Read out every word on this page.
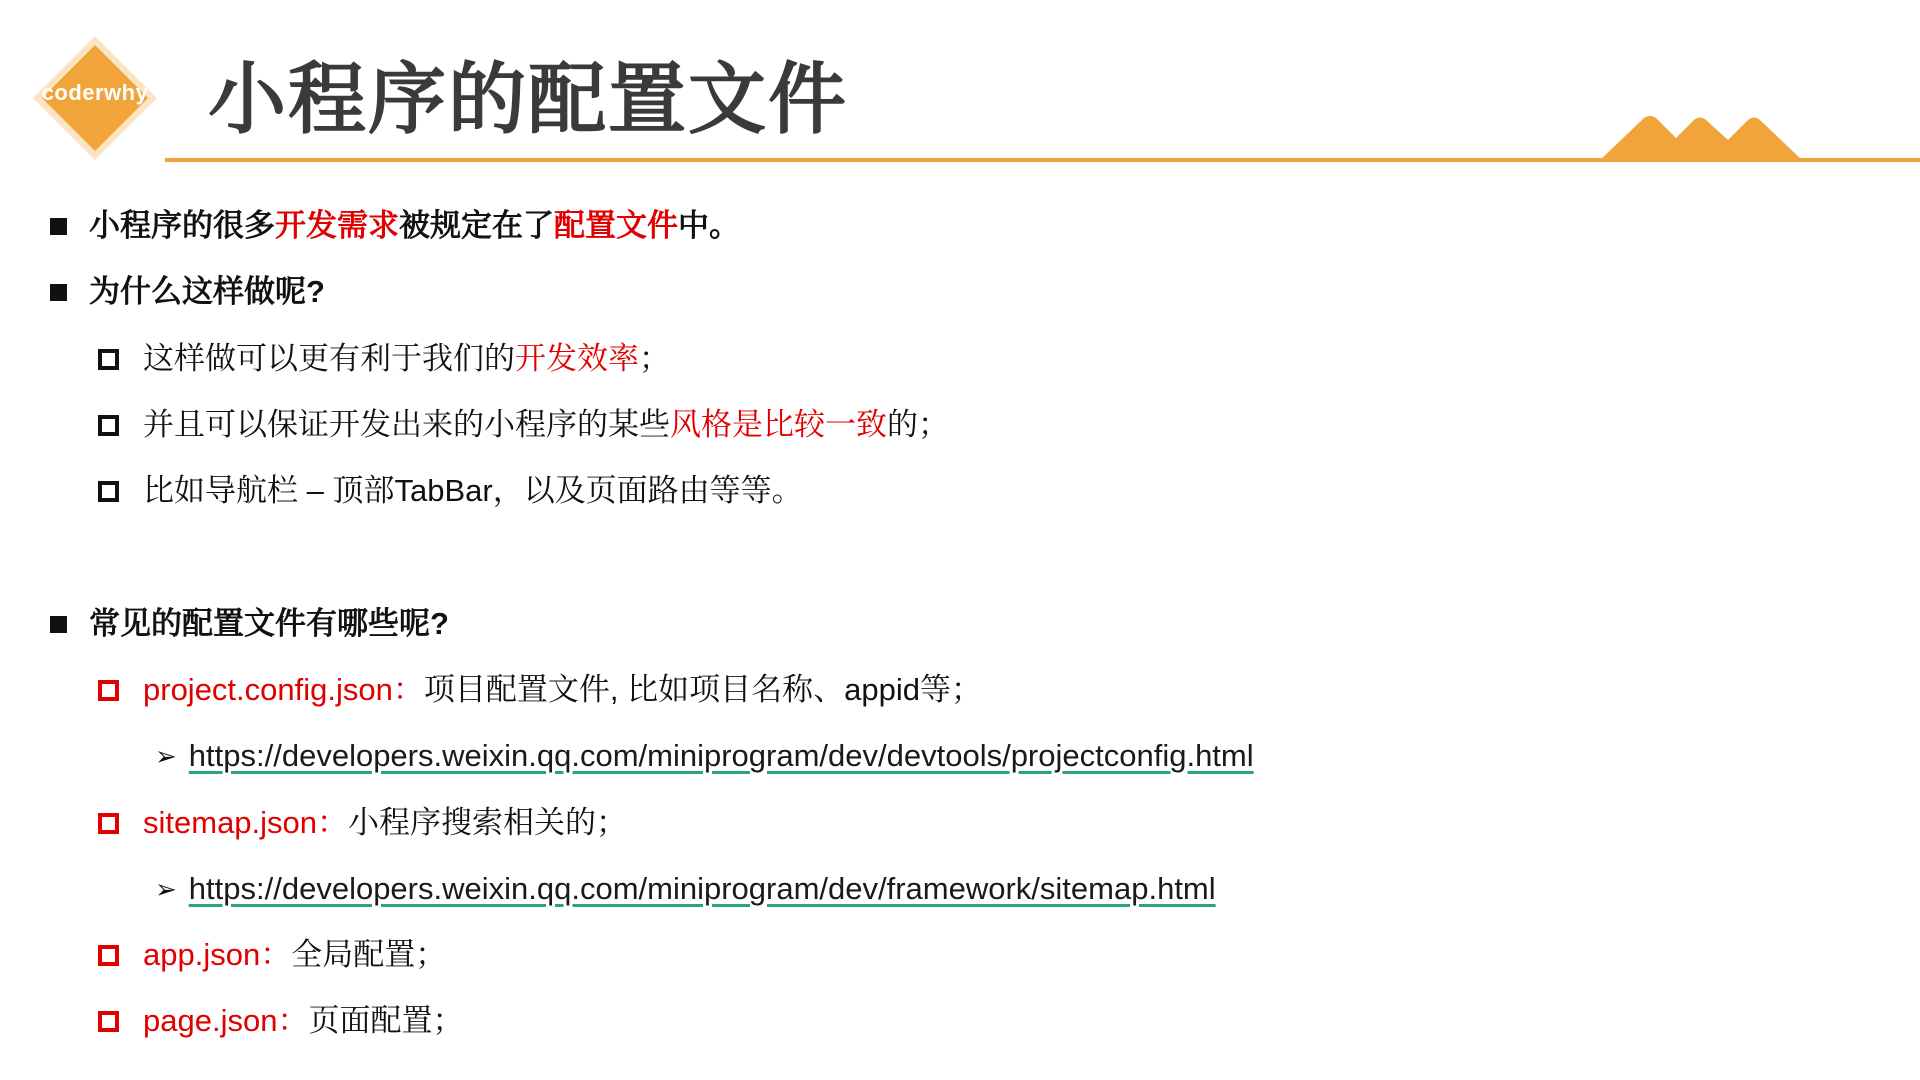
coderwhy 小程序的配置文件
小程序的很多 开发需求 被规定在了 配置文件 中。
为什么这样做呢?
这样做可以更有利于我们的 开发效率 ；
并且可以保证开发出来的小程序的某些 风格是比较一致 的；
比如导航栏 – 顶部TabBar，以及页面路由等等。
常见的配置文件有哪些呢?
project.config.json： 项目配置文件, 比如项目名称、appid等；
➢ https://developers.weixin.qq.com/miniprogram/dev/devtools/projectconfig.html
sitemap.json： 小程序搜索相关的；
➢ https://developers.weixin.qq.com/miniprogram/dev/framework/sitemap.html
app.json： 全局配置；
page.json： 页面配置；
